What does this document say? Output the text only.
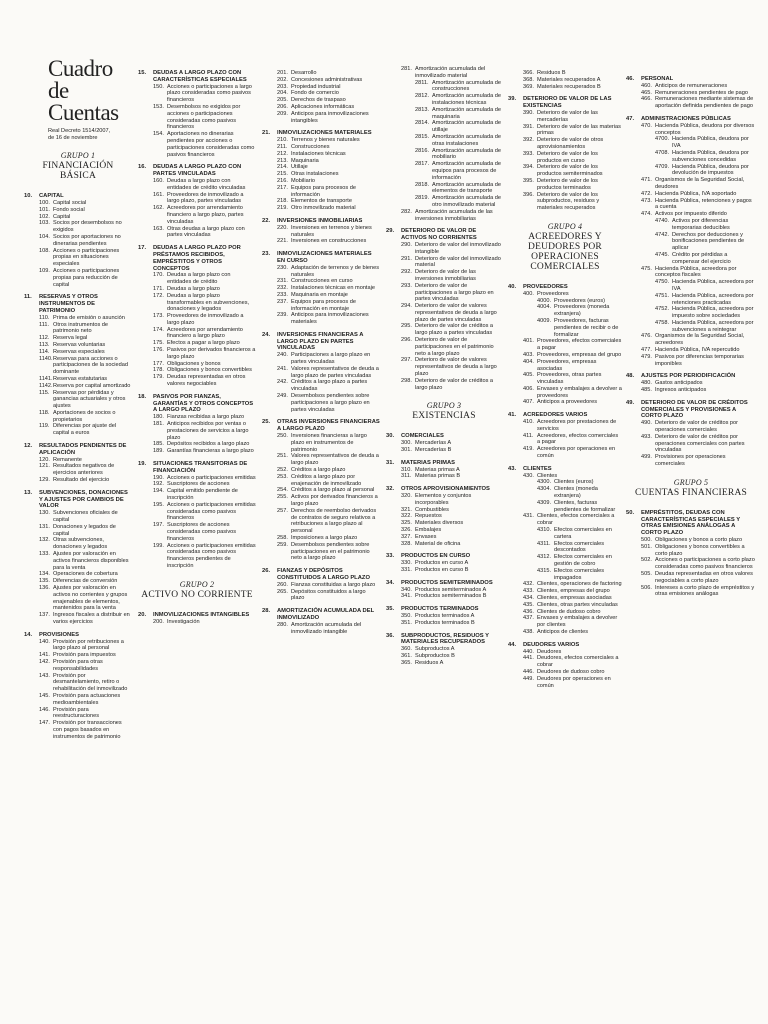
Cuadro de
Cuentas
Real Decreto 1514/2007,
de 16 de noviembre
GRUPO 1
FINANCIACIÓN BÁSICA
10.	CAPITAL
100. Capital social
101. Fondo social
102. Capital
103. Socios por desembolsos no exigidos
104. Socios por aportaciones no dinerarias pendientes
108. Acciones o participaciones propias en situaciones especiales
109. Acciones o participaciones propias para reducción de capital
11.	RESERVAS Y OTROS INSTRUMENTOS DE PATRIMONIO
110. Prima de emisión o asunción
111. Otros instrumentos de patrimonio neto
112. Reserva legal
113. Reservas voluntarias
114. Reservas especiales
1140. Reservas para acciones o participaciones de la sociedad dominante
1141. Reservas estatutarias
1142. Reserva por capital amortizado
115. Reservas por pérdidas y ganancias actuariales y otros ajustes
118. Aportaciones de socios o propietarios
119. Diferencias por ajuste del capital a euros
12.	RESULTADOS PENDIENTES DE APLICACIÓN
120. Remanente
121. Resultados negativos de ejercicios anteriores
129. Resultado del ejercicio
13.	SUBVENCIONES, DONACIONES Y AJUSTES POR CAMBIOS DE VALOR
130. Subvenciones oficiales de capital
131. Donaciones y legados de capital
132. Otras subvenciones, donaciones y legados
133. Ajustes por valoración en activos financieros disponibles para la venta
134. Operaciones de cobertura
135. Diferencias de conversión
136. Ajustes por valoración en activos no corrientes y grupos enajenables de elementos, mantenidos para la venta
137. Ingresos fiscales a distribuir en varios ejercicios
14.	PROVISIONES
140. Provisión por retribuciones a largo plazo al personal
141. Provisión para impuestos
142. Provisión para otras responsabilidades
143. Provisión por desmantelamiento, retiro o rehabilitación del inmovilizado
145. Provisión para actuaciones medioambientales
146. Provisión para reestructuraciones
147. Provisión por transacciones con pagos basados en instrumentos de patrimonio
15.	DEUDAS A LARGO PLAZO CON CARACTERÍSTICAS ESPECIALES
150. Acciones o participaciones a largo plazo consideradas como pasivos financieros
153. Desembolsos no exigidos por acciones o participaciones consideradas como pasivos financieros
154. Aportaciones no dinerarias pendientes por acciones o participaciones consideradas como pasivos financieros
16.	DEUDAS A LARGO PLAZO CON PARTES VINCULADAS
160. Deudas a largo plazo con entidades de crédito vinculadas
161. Proveedores de inmovilizado a largo plazo, partes vinculadas
162. Acreedores por arrendamiento financiero a largo plazo, partes vinculadas
163. Otras deudas a largo plazo con partes vinculadas
17.	DEUDAS A LARGO PLAZO POR PRÉSTAMOS RECIBIDOS, EMPRÉSTITOS Y OTROS CONCEPTOS
170. Deudas a largo plazo con entidades de crédito
171. Deudas a largo plazo
172. Deudas a largo plazo transformables en subvenciones, donaciones y legados
173. Proveedores de inmovilizado a largo plazo
174. Acreedores por arrendamiento financiero a largo plazo
175. Efectos a pagar a largo plazo
176. Pasivos por derivados financieros a largo plazo
177. Obligaciones y bonos
178. Obligaciones y bonos convertibles
179. Deudas representadas en otros valores negociables
18.	PASIVOS POR FIANZAS, GARANTÍAS Y OTROS CONCEPTOS A LARGO PLAZO
180. Fianzas recibidas a largo plazo
181. Anticipos recibidos por ventas o prestaciones de servicios a largo plazo
185. Depósitos recibidos a largo plazo
189. Garantías financieras a largo plazo
19.	SITUACIONES TRANSITORIAS DE FINANCIACIÓN
190. Acciones o participaciones emitidas
192. Suscriptores de acciones
194. Capital emitido pendiente de inscripción
195. Acciones o participaciones emitidas consideradas como pasivos financieros
197. Suscriptores de acciones consideradas como pasivos financieros
199. Acciones o participaciones emitidas consideradas como pasivos financieros pendientes de inscripción
GRUPO 2
ACTIVO NO CORRIENTE
20.	INMOVILIZACIONES INTANGIBLES
200. Investigación
201. Desarrollo
202. Concesiones administrativas
203. Propiedad industrial
204. Fondo de comercio
205. Derechos de traspaso
206. Aplicaciones informáticas
209. Anticipos para inmovilizaciones intangibles
21.	INMOVILIZACIONES MATERIALES
210. Terrenos y bienes naturales
211. Construcciones
212. Instalaciones técnicas
213. Maquinaria
214. Utillaje
215. Otras instalaciones
216. Mobiliario
217. Equipos para procesos de información
218. Elementos de transporte
219. Otro inmovilizado material
22.	INVERSIONES INMOBILIARIAS
220. Inversiones en terrenos y bienes naturales
221. Inversiones en construcciones
23.	INMOVILIZACIONES MATERIALES EN CURSO
230. Adaptación de terrenos y de bienes naturales
231. Construcciones en curso
232. Instalaciones técnicas en montaje
233. Maquinaria en montaje
237. Equipos para procesos de información en montaje
239. Anticipos para inmovilizaciones materiales
24.	INVERSIONES FINANCIERAS A LARGO PLAZO EN PARTES VINCULADAS
240. Participaciones a largo plazo en partes vinculadas
241. Valores representativos de deuda a largo plazo de partes vinculadas
242. Créditos a largo plazo a partes vinculadas
249. Desembolsos pendientes sobre participaciones a largo plazo en partes vinculadas
25.	OTRAS INVERSIONES FINANCIERAS A LARGO PLAZO
250. Inversiones financieras a largo plazo en instrumentos de patrimonio
251. Valores representativos de deuda a largo plazo
252. Créditos a largo plazo
253. Créditos a largo plazo por enajenación de inmovilizado
254. Créditos a largo plazo al personal
255. Activos por derivados financieros a largo plazo
257. Derechos de reembolso derivados de contratos de seguro relativos a retribuciones a largo plazo al personal
258. Imposiciones a largo plazo
259. Desembolsos pendientes sobre participaciones en el patrimonio neto a largo plazo
26.	FIANZAS Y DEPÓSITOS CONSTITUIDOS A LARGO PLAZO
260. Fianzas constituidas a largo plazo
265. Depósitos constituidos a largo plazo
28.	AMORTIZACIÓN ACUMULADA DEL INMOVILIZADO
280. Amortización acumulada del inmovilizado intangible
281. Amortización acumulada del inmovilizado material
2811. Amortización acumulada de construcciones
2812. Amortización acumulada de instalaciones técnicas
2813. Amortización acumulada de maquinaria
2814. Amortización acumulada de utillaje
2815. Amortización acumulada de otras instalaciones
2816. Amortización acumulada de mobiliario
2817. Amortización acumulada de equipos para procesos de información
2818. Amortización acumulada de elementos de transporte
2819. Amortización acumulada de otro inmovilizado material
282. Amortización acumulada de las inversiones inmobiliarias
29.	DETERIORO DE VALOR DE ACTIVOS NO CORRIENTES
290. Deterioro de valor del inmovilizado intangible
291. Deterioro de valor del inmovilizado material
292. Deterioro de valor de las inversiones inmobiliarias
293. Deterioro de valor de participaciones a largo plazo en partes vinculadas
294. Deterioro de valor de valores representativos de deuda a largo plazo de partes vinculadas
295. Deterioro de valor de créditos a largo plazo a partes vinculadas
296. Deterioro de valor de participaciones en el patrimonio neto a largo plazo
297. Deterioro de valor de valores representativos de deuda a largo plazo
298. Deterioro de valor de créditos a largo plazo
GRUPO 3
EXISTENCIAS
30.	COMERCIALES
300. Mercaderías A
301. Mercaderías B
31.	MATERIAS PRIMAS
310. Materias primas A
311. Materias primas B
32.	OTROS APROVISIONAMIENTOS
320. Elementos y conjuntos incorporables
321. Combustibles
322. Repuestos
325. Materiales diversos
326. Embalajes
327. Envases
328. Material de oficina
33.	PRODUCTOS EN CURSO
330. Productos en curso A
331. Productos en curso B
34.	PRODUCTOS SEMITERMINADOS
340. Productos semiterminados A
341. Productos semiterminados B
35.	PRODUCTOS TERMINADOS
350. Productos terminados A
351. Productos terminados B
36.	SUBPRODUCTOS, RESIDUOS Y MATERIALES RECUPERADOS
360. Subproductos A
361. Subproductos B
365. Residuos A
366. Residuos B
368. Materiales recuperados A
369. Materiales recuperados B
39.	DETERIORO DE VALOR DE LAS EXISTENCIAS
390. Deterioro de valor de las mercaderías
391. Deterioro de valor de las materias primas
392. Deterioro de valor de otros aprovisionamientos
393. Deterioro de valor de los productos en curso
394. Deterioro de valor de los productos semiterminados
395. Deterioro de valor de los productos terminados
396. Deterioro de valor de los subproductos, residuos y materiales recuperados
GRUPO 4
ACREEDORES Y DEUDORES POR OPERACIONES COMERCIALES
40.	PROVEEDORES
400. Proveedores
4000. Proveedores (euros)
4004. Proveedores (moneda extranjera)
4009. Proveedores, facturas pendientes de recibir o de formalizar
401. Proveedores, efectos comerciales a pagar
403. Proveedores, empresas del grupo
404. Proveedores, empresas asociadas
405. Proveedores, otras partes vinculadas
406. Envases y embalajes a devolver a proveedores
407. Anticipos a proveedores
41.	ACREEDORES VARIOS
410. Acreedores por prestaciones de servicios
411. Acreedores, efectos comerciales a pagar
419. Acreedores por operaciones en común
43.	CLIENTES
430. Clientes
4300. Clientes (euros)
4304. Clientes (moneda extranjera)
4309. Clientes, facturas pendientes de formalizar
431. Clientes, efectos comerciales a cobrar
4310. Efectos comerciales en cartera
4311. Efectos comerciales descontados
4312. Efectos comerciales en gestión de cobro
4315. Efectos comerciales impagados
432. Clientes, operaciones de factoring
433. Clientes, empresas del grupo
434. Clientes, empresas asociadas
435. Clientes, otras partes vinculadas
436. Clientes de dudoso cobro
437. Envases y embalajes a devolver por clientes
438. Anticipos de clientes
44.	DEUDORES VARIOS
440. Deudores
441. Deudores, efectos comerciales a cobrar
446. Deudores de dudoso cobro
449. Deudores por operaciones en común
46.	PERSONAL
460. Anticipos de remuneraciones
465. Remuneraciones pendientes de pago
466. Remuneraciones mediante sistemas de aportación definida pendientes de pago
47.	ADMINISTRACIONES PÚBLICAS
470. Hacienda Pública, deudora por diversos conceptos
4700. Hacienda Pública, deudora por IVA
4708. Hacienda Pública, deudora por subvenciones concedidas
4709. Hacienda Pública, deudora por devolución de impuestos
471. Organismos de la Seguridad Social, deudores
472. Hacienda Pública, IVA soportado
473. Hacienda Pública, retenciones y pagos a cuenta
474. Activos por impuesto diferido
4740. Activos por diferencias temporarias deducibles
4742. Derechos por deducciones y bonificaciones pendientes de aplicar
4745. Crédito por pérdidas a compensar del ejercicio
475. Hacienda Pública, acreedora por conceptos fiscales
4750. Hacienda Pública, acreedora por IVA
4751. Hacienda Pública, acreedora por retenciones practicadas
4752. Hacienda Pública, acreedora por impuesto sobre sociedades
4758. Hacienda Pública, acreedora por subvenciones a reintegrar
476. Organismos de la Seguridad Social, acreedores
477. Hacienda Pública, IVA repercutido
479. Pasivos por diferencias temporarias imponibles
48.	AJUSTES POR PERIODIFICACIÓN
480. Gastos anticipados
485. Ingresos anticipados
49.	DETERIORO DE VALOR DE CRÉDITOS COMERCIALES Y PROVISIONES A CORTO PLAZO
490. Deterioro de valor de créditos por operaciones comerciales
493. Deterioro de valor de créditos por operaciones comerciales con partes vinculadas
499. Provisiones por operaciones comerciales
GRUPO 5
CUENTAS FINANCIERAS
50.	EMPRÉSTITOS, DEUDAS CON CARACTERÍSTICAS ESPECIALES Y OTRAS EMISIONES ANÁLOGAS A CORTO PLAZO
500. Obligaciones y bonos a corto plazo
501. Obligaciones y bonos convertibles a corto plazo
502. Acciones o participaciones a corto plazo consideradas como pasivos financieros
505. Deudas representadas en otros valores negociables a corto plazo
506. Intereses a corto plazo de empréstitos y otras emisiones análogas
